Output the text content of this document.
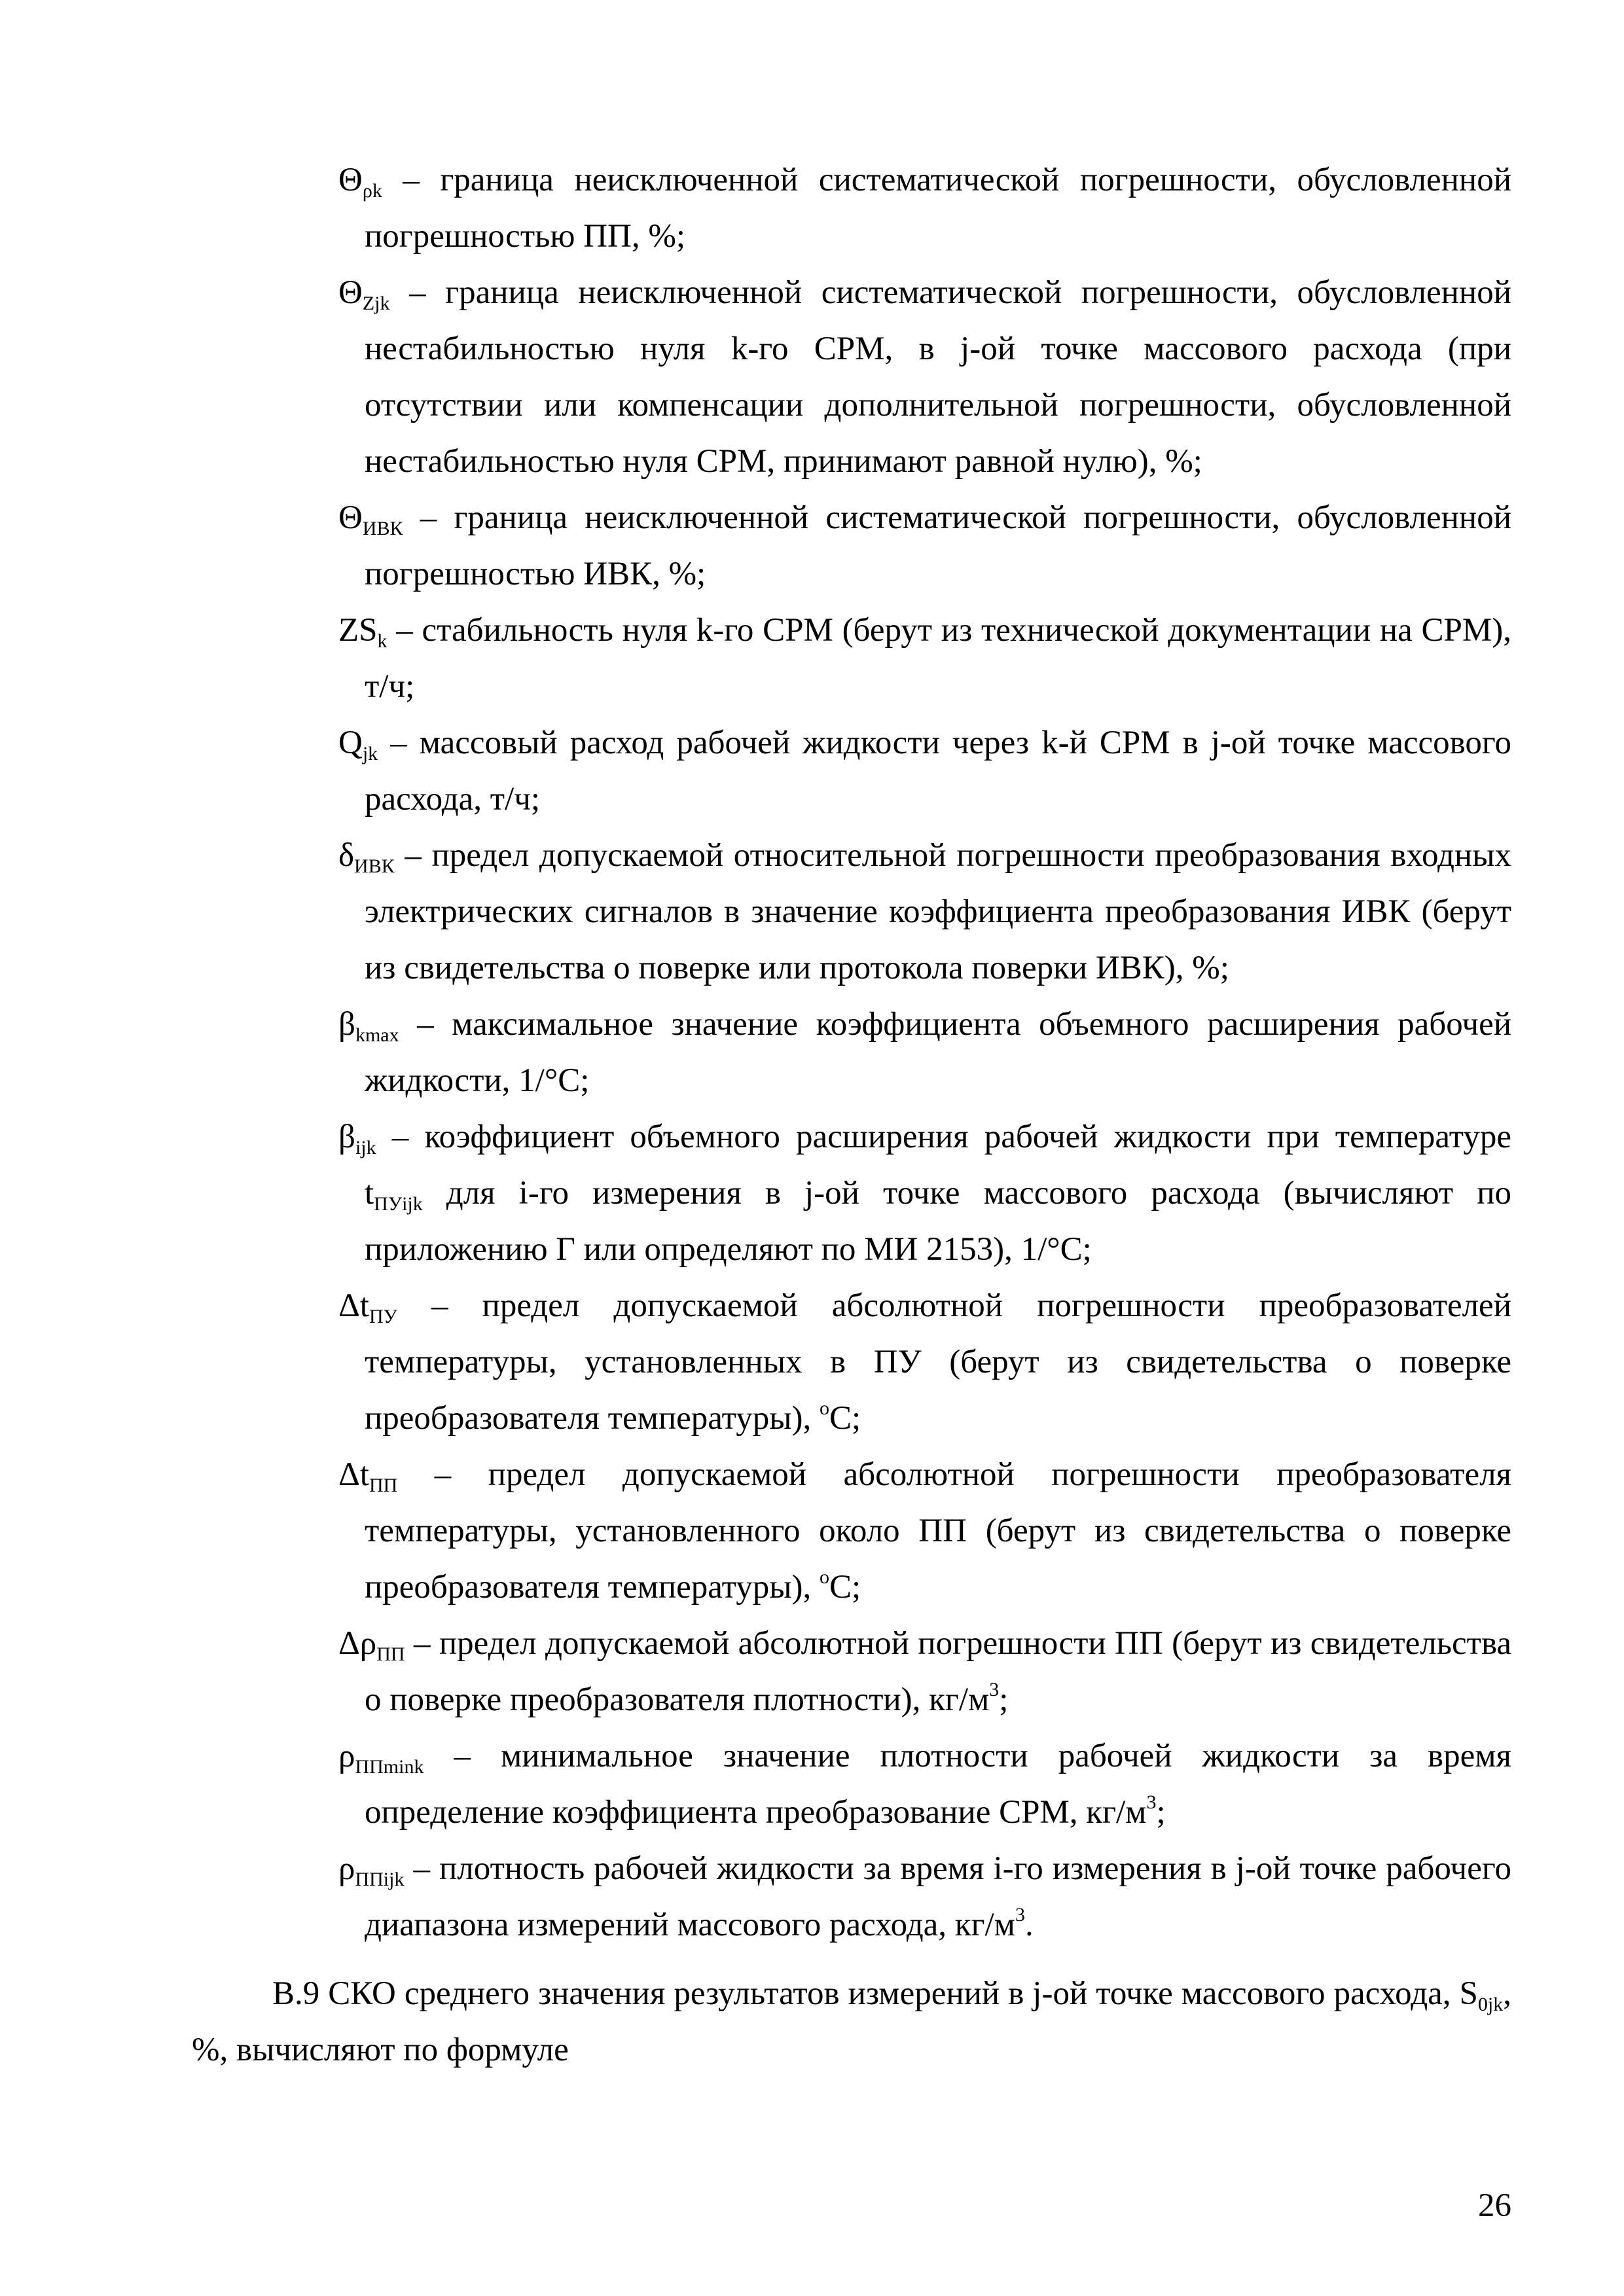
$\Theta_{\rho k}$ – граница неисключенной систематической погрешности, обусловленной погрешностью ПП, %;

$\Theta_{Zjk}$ – граница неисключенной систематической погрешности, обусловленной нестабильностью нуля k-го СРМ, в j-ой точке массового расхода (при отсутствии или компенсации дополнительной погрешности, обусловленной нестабильностью нуля СРМ, принимают равной нулю), %;

$\Theta_{ИВК}$ – граница неисключенной систематической погрешности, обусловленной погрешностью ИВК, %;

$ZS_k$ – стабильность нуля k-го СРМ (берут из технической документации на СРМ), т/ч;

$Q_{jk}$ – массовый расход рабочей жидкости через k-й СРМ в j-ой точке массового расхода, т/ч;

$\delta_{ИВК}$ – предел допускаемой относительной погрешности преобразования входных электрических сигналов в значение коэффициента преобразования ИВК (берут из свидетельства о поверке или протокола поверки ИВК), %;

$\beta_{kmax}$ – максимальное значение коэффициента объемного расширения рабочей жидкости, 1/°С;

$\beta_{ijk}$ – коэффициент объемного расширения рабочей жидкости при температуре $t_{ПУijk}$ для i-го измерения в j-ой точке массового расхода (вычисляют по приложению Г или определяют по МИ 2153), 1/°С;

$\Delta t_{ПУ}$ – предел допускаемой абсолютной погрешности преобразователей температуры, установленных в ПУ (берут из свидетельства о поверке преобразователя температуры), $^о$С;

$\Delta t_{ПП}$ – предел допускаемой абсолютной погрешности преобразователя температуры, установленного около ПП (берут из свидетельства о поверке преобразователя температуры), $^о$С;

$\Delta\rho_{ПП}$ – предел допускаемой абсолютной погрешности ПП (берут из свидетельства о поверке преобразователя плотности), $кг/м^3$;

$\rho_{ППmink}$ – минимальное значение плотности рабочей жидкости за время определение коэффициента преобразование СРМ, $кг/м^3$;

$\rho_{ППijk}$ – плотность рабочей жидкости за время i-го измерения в j-ой точке рабочего диапазона измерений массового расхода, $кг/м^3$.

В.9 СКО среднего значения результатов измерений в j-ой точке массового расхода, $S_{0jk}$, %, вычисляют по формуле
26
